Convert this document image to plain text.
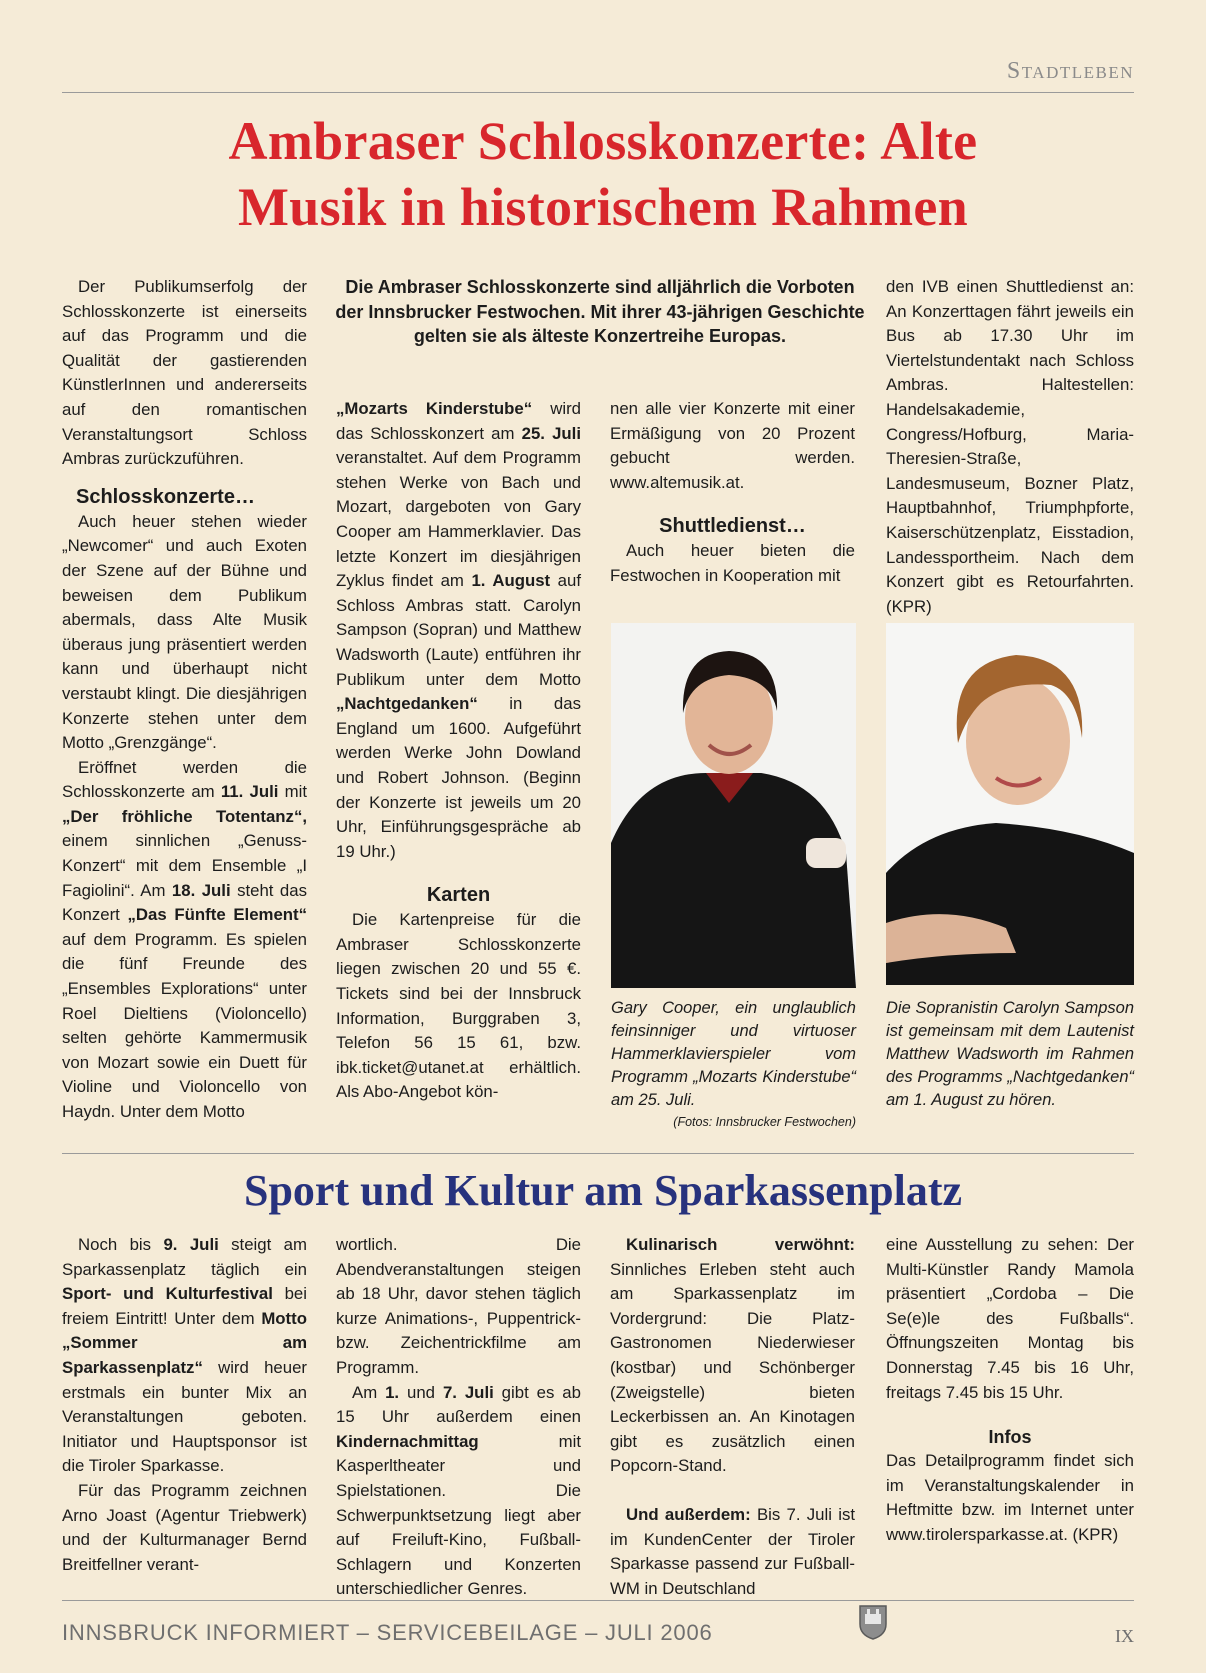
Stadtleben
Ambraser Schlosskonzerte: Alte
Musik in historischem Rahmen

Der Publikumserfolg der Schlosskonzerte ist einerseits auf das Programm und die Qualität der gastierenden KünstlerInnen und andererseits auf den romantischen Veranstaltungsort Schloss Ambras zurückzuführen.

Schlosskonzerte…

Auch heuer stehen wieder „Newcomer“ und auch Exoten der Szene auf der Bühne und beweisen dem Publikum abermals, dass Alte Musik überaus jung präsentiert werden kann und überhaupt nicht verstaubt klingt. Die diesjährigen Konzerte stehen unter dem Motto „Grenzgänge“.

Eröffnet werden die Schlosskonzerte am 11. Juli mit „Der fröhliche Totentanz“, einem sinnlichen „Genuss-Konzert“ mit dem Ensemble „I Fagiolini“. Am 18. Juli steht das Konzert „Das Fünfte Element“ auf dem Programm. Es spielen die fünf Freunde des „Ensembles Explorations“ unter Roel Dieltiens (Violoncello) selten gehörte Kammermusik von Mozart sowie ein Duett für Violine und Violoncello von Haydn. Unter dem Motto

Die Ambraser Schlosskonzerte sind alljährlich die Vorboten der Innsbrucker Festwochen. Mit ihrer 43-jährigen Geschichte gelten sie als älteste Konzertreihe Europas.

„Mozarts Kinderstube“ wird das Schlosskonzert am 25. Juli veranstaltet. Auf dem Programm stehen Werke von Bach und Mozart, dargeboten von Gary Cooper am Hammerklavier. Das letzte Konzert im diesjährigen Zyklus findet am 1. August auf Schloss Ambras statt. Carolyn Sampson (Sopran) und Matthew Wadsworth (Laute) entführen ihr Publikum unter dem Motto „Nachtgedanken“ in das England um 1600. Aufgeführt werden Werke John Dowland und Robert Johnson. (Beginn der Konzerte ist jeweils um 20 Uhr, Einführungsgespräche ab 19 Uhr.)

Karten

Die Kartenpreise für die Ambraser Schlosskonzerte liegen zwischen 20 und 55 €. Tickets sind bei der Innsbruck Information, Burggraben 3, Telefon 56 15 61, bzw. ibk.ticket@utanet.at erhältlich. Als Abo-Angebot kön-

nen alle vier Konzerte mit einer Ermäßigung von 20 Prozent gebucht werden. www.altemusik.at.

Shuttledienst…

Auch heuer bieten die Festwochen in Kooperation mit

den IVB einen Shuttledienst an: An Konzerttagen fährt jeweils ein Bus ab 17.30 Uhr im Viertelstundentakt nach Schloss Ambras. Haltestellen: Handelsakademie, Congress/Hofburg, Maria-Theresien-Straße, Landesmuseum, Bozner Platz, Hauptbahnhof, Triumphpforte, Kaiserschützenplatz, Eisstadion, Landessportheim. Nach dem Konzert gibt es Retourfahrten. (KPR)

Gary Cooper, ein unglaublich feinsinniger und virtuoser Hammerklavierspieler vom Programm „Mozarts Kinderstube“ am 25. Juli.
(Fotos: Innsbrucker Festwochen)
Die Sopranistin Carolyn Sampson ist gemeinsam mit dem Lautenist Matthew Wadsworth im Rahmen des Programms „Nachtgedanken“ am 1. August zu hören.
Sport und Kultur am Sparkassenplatz

Noch bis 9. Juli steigt am Sparkassenplatz täglich ein Sport- und Kulturfestival bei freiem Eintritt! Unter dem Motto „Sommer am Sparkassenplatz“ wird heuer erstmals ein bunter Mix an Veranstaltungen geboten. Initiator und Hauptsponsor ist die Tiroler Sparkasse.

Für das Programm zeichnen Arno Joast (Agentur Triebwerk) und der Kulturmanager Bernd Breitfellner verant-

wortlich. Die Abendveranstaltungen steigen ab 18 Uhr, davor stehen täglich kurze Animations-, Puppentrick- bzw. Zeichentrickfilme am Programm.

Am 1. und 7. Juli gibt es ab 15 Uhr außerdem einen Kindernachmittag mit Kasperltheater und Spielstationen. Die Schwerpunktsetzung liegt aber auf Freiluft-Kino, Fußball-Schlagern und Konzerten unterschiedlicher Genres.

Kulinarisch verwöhnt: Sinnliches Erleben steht auch am Sparkassenplatz im Vordergrund: Die Platz-Gastronomen Niederwieser (kostbar) und Schönberger (Zweigstelle) bieten Leckerbissen an. An Kinotagen gibt es zusätzlich einen Popcorn-Stand.

Und außerdem: Bis 7. Juli ist im KundenCenter der Tiroler Sparkasse passend zur Fußball-WM in Deutschland

eine Ausstellung zu sehen: Der Multi-Künstler Randy Mamola präsentiert „Cordoba – Die Se(e)le des Fußballs“. Öffnungszeiten Montag bis Donnerstag 7.45 bis 16 Uhr, freitags 7.45 bis 15 Uhr.

Infos

Das Detailprogramm findet sich im Veranstaltungskalender in Heftmitte bzw. im Internet unter www.tirolersparkasse.at. (KPR)

INNSBRUCK INFORMIERT – SERVICEBEILAGE – JULI 2006	IX
